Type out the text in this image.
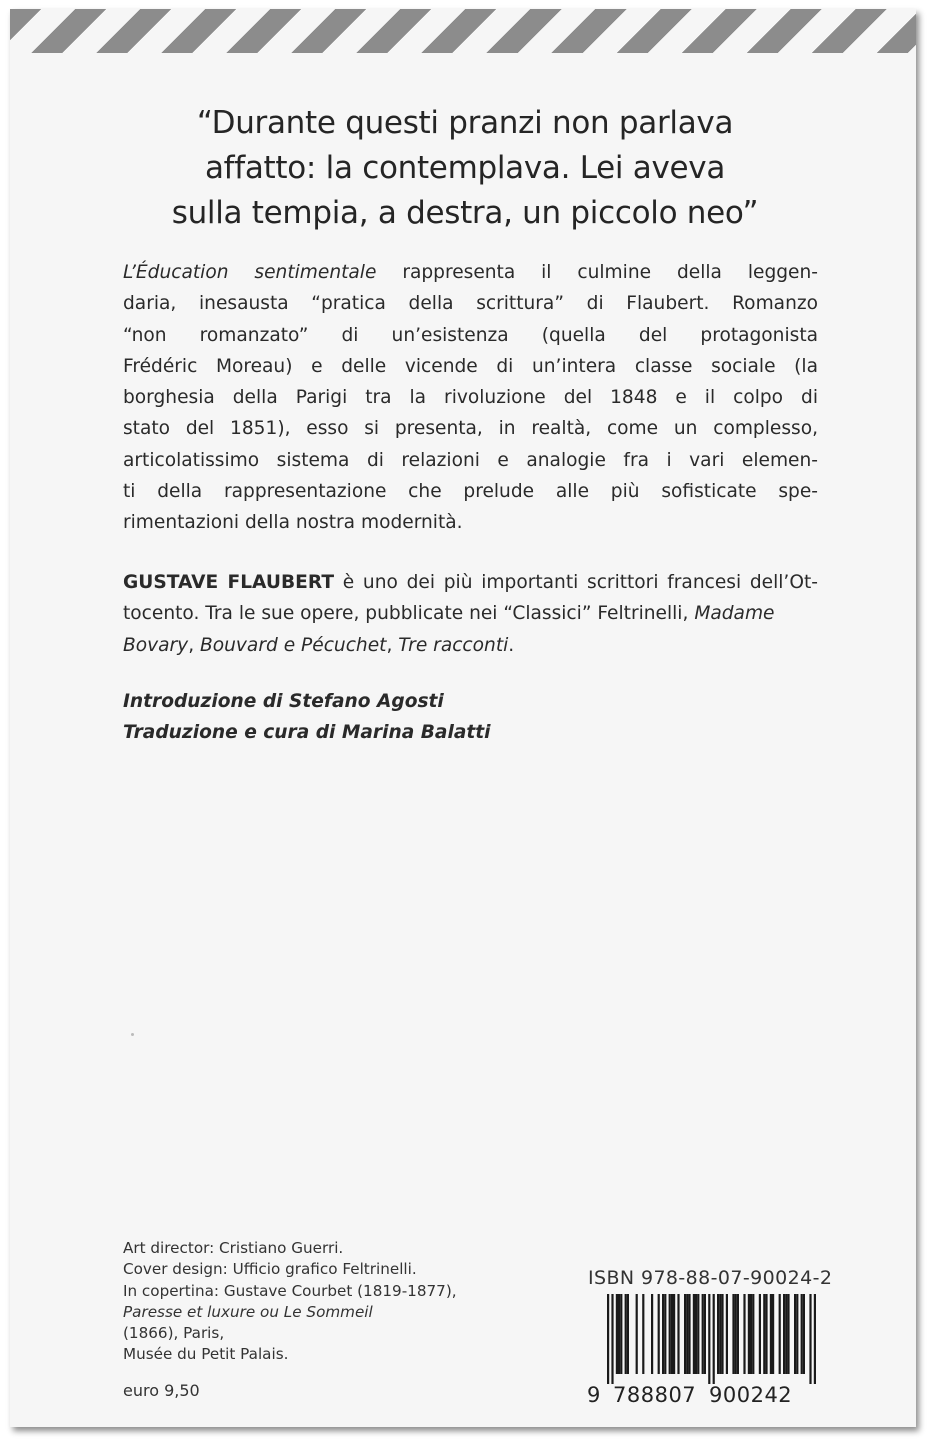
“Durante questi pranzi non parlava
affatto: la contemplava. Lei aveva
sulla tempia, a destra, un piccolo neo”
L’Éducation sentimentale rappresenta il culmine della leggen-
daria, inesausta “pratica della scrittura” di Flaubert. Romanzo
“non romanzato” di un’esistenza (quella del protagonista
Frédéric Moreau) e delle vicende di un’intera classe sociale (la
borghesia della Parigi tra la rivoluzione del 1848 e il colpo di
stato del 1851), esso si presenta, in realtà, come un complesso,
articolatissimo sistema di relazioni e analogie fra i vari elemen-
ti della rappresentazione che prelude alle più sofisticate spe-
rimentazioni della nostra modernità.
GUSTAVE FLAUBERT è uno dei più importanti scrittori francesi dell’Ot-
tocento. Tra le sue opere, pubblicate nei “Classici” Feltrinelli, Madame
Bovary, Bouvard e Pécuchet, Tre racconti.
Introduzione di Stefano Agosti
Traduzione e cura di Marina Balatti
Art director: Cristiano Guerri.
Cover design: Ufficio grafico Feltrinelli.
In copertina: Gustave Courbet (1819-1877),
Paresse et luxure ou Le Sommeil
(1866), Paris,
Musée du Petit Palais.
euro 9,50
ISBN 978-88-07-90024-2
9 788807 900242
